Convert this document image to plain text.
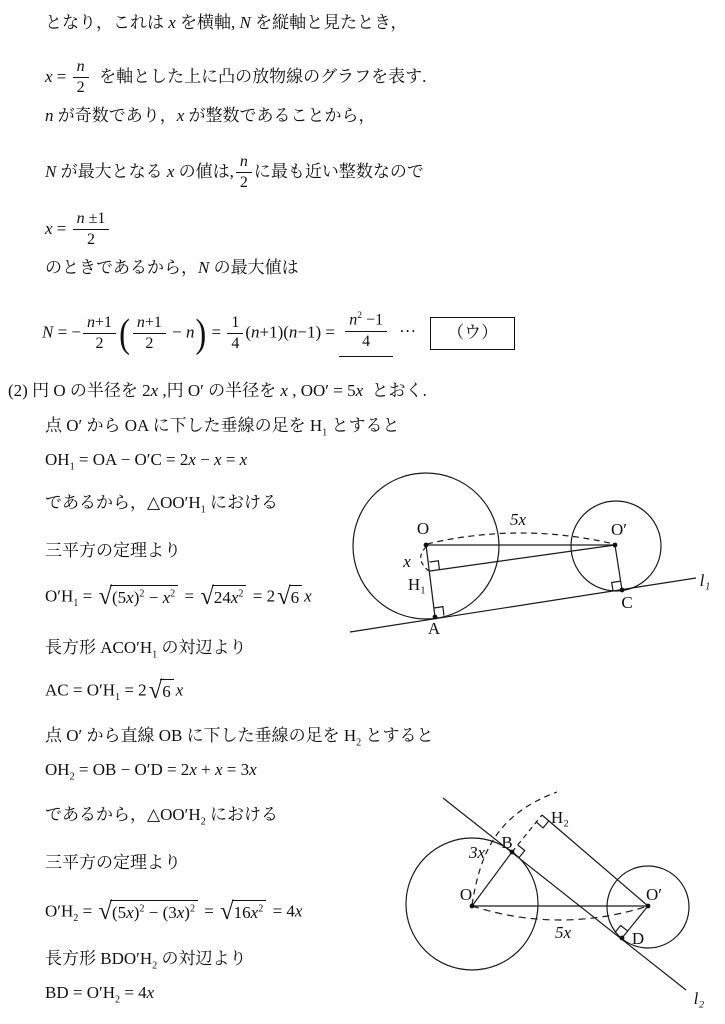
となり，これは x を横軸, N を縦軸と見たとき，
$x = \frac{n}{2}$ を軸とした上に凸の放物線のグラフを表す.
n が奇数であり，x が整数であることから，
N が最大となる x の値は, $\frac{n}{2}$ に最も近い整数なので
$x = \frac{n \pm 1}{2}$
のときであるから，N の最大値は
N = − $\frac{n+1}{2}$ ( $\frac{n+1}{2} - n) = \frac{1}{4} (n+1)(n-1) = \frac{n^2 -1}{4}$ … （ウ）
(2) 円 O の半径を 2x ,円 O′ の半径を x , OO′ = 5x  とおく.
点 O′ から OA に下した垂線の足を $H_1$ とすると
$OH_1$ = OA − O′C = 2x − x = x
であるから，$\triangle OO'H_1$ における
三平方の定理より
$O'H_1 = √(5x)^2 - x^2 = √24x^2 = 2√6$ x
長方形 $ACO'H_1$ の対辺より
AC = $O'H_1 = 2√6$ x
点 O′ から直線 OB に下した垂線の足を $H_2$ とすると
$OH_2$ = OB − O′D = 2x + x = 3x
であるから，$\triangle OO'H_2$ における
三平方の定理より
$O'H_2 = √(5x)^2 - (3x)^2 = √16x^2 = 4x$
長方形 $BDO'H_2$ の対辺より
BD = $O'H_2 = 4x$
O	O′
H₁
A
C
l₁
5x
x
O	O′
B
H₂
D
l₂
3x
5x
